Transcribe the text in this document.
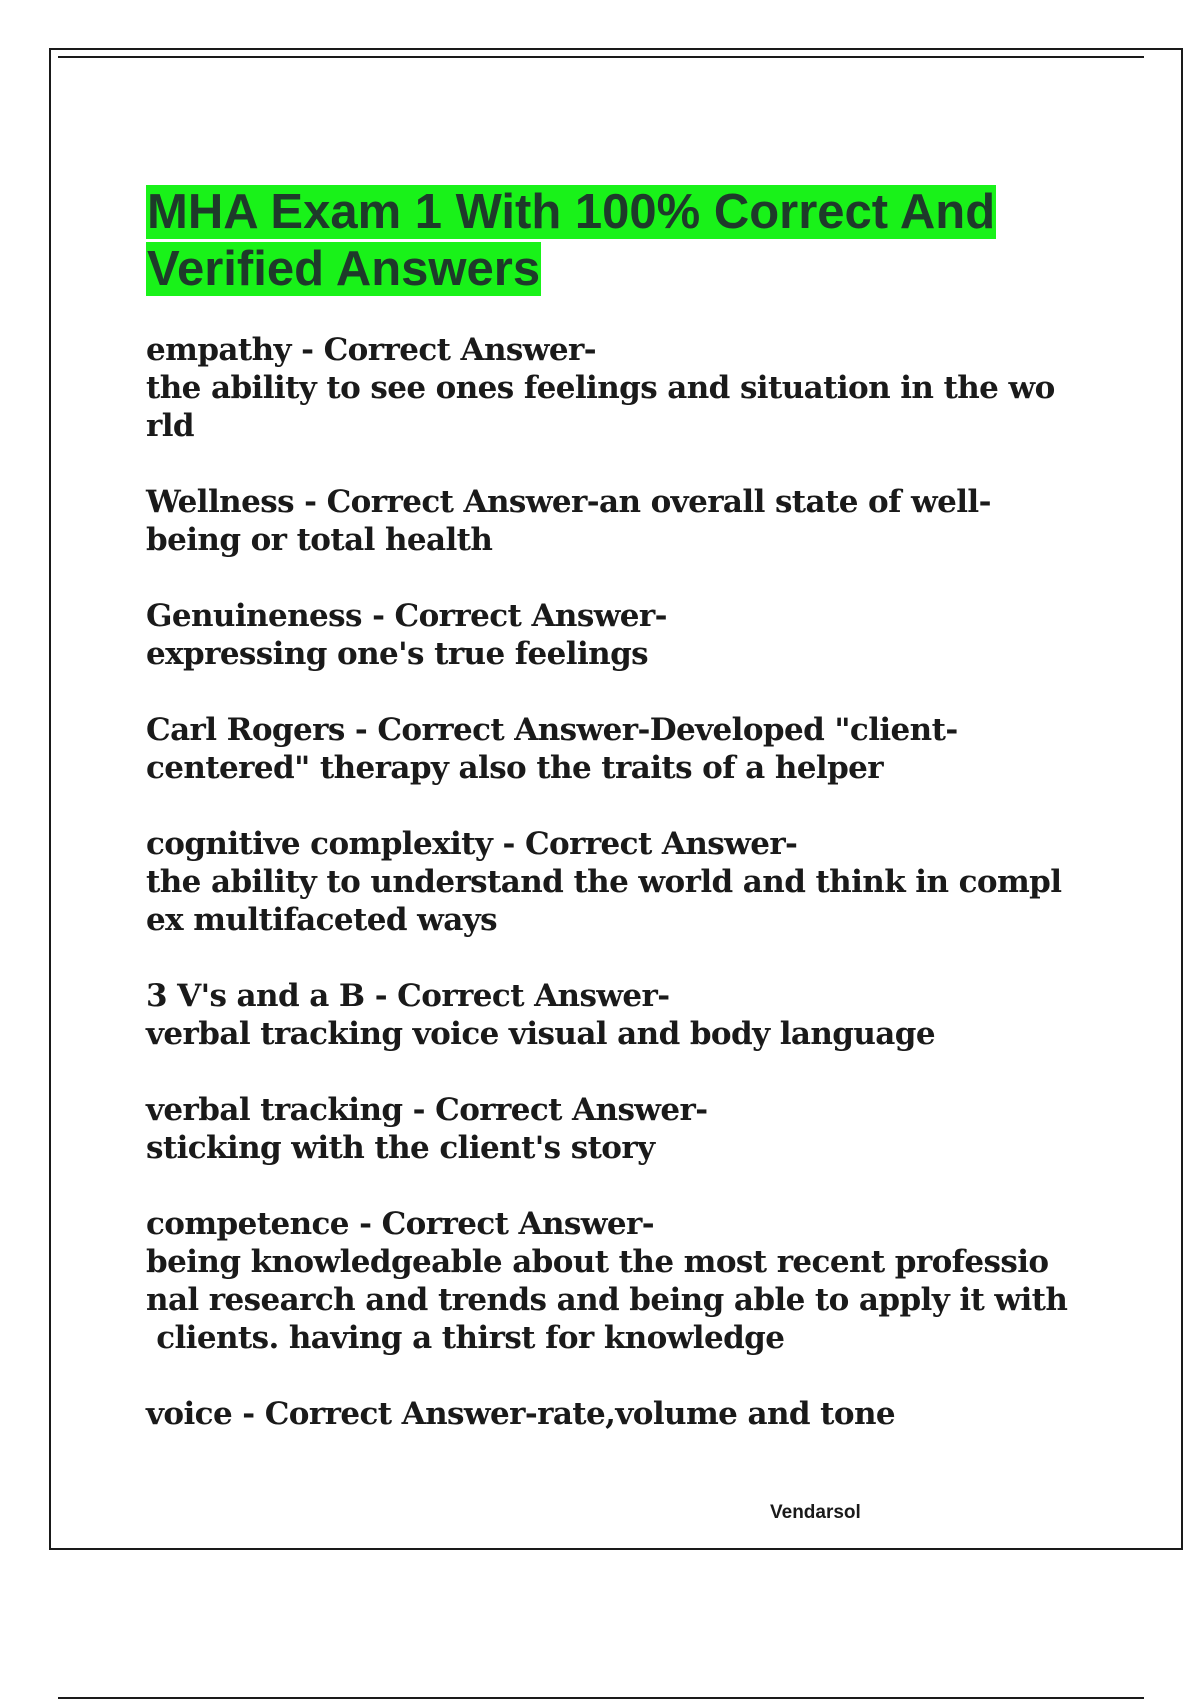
MHA Exam 1 With 100% Correct And Verified Answers
empathy - Correct Answer-
the ability to see ones feelings and situation in the wo
rld
Wellness - Correct Answer-an overall state of well-
being or total health
Genuineness - Correct Answer-
expressing one's true feelings
Carl Rogers - Correct Answer-Developed "client-
centered" therapy also the traits of a helper
cognitive complexity - Correct Answer-
the ability to understand the world and think in compl
ex multifaceted ways
3 V's and a B - Correct Answer-
verbal tracking voice visual and body language
verbal tracking - Correct Answer-
sticking with the client's story
competence - Correct Answer-
being knowledgeable about the most recent professio
nal research and trends and being able to apply it with
clients. having a thirst for knowledge
voice - Correct Answer-rate,volume and tone
Vendarsol
